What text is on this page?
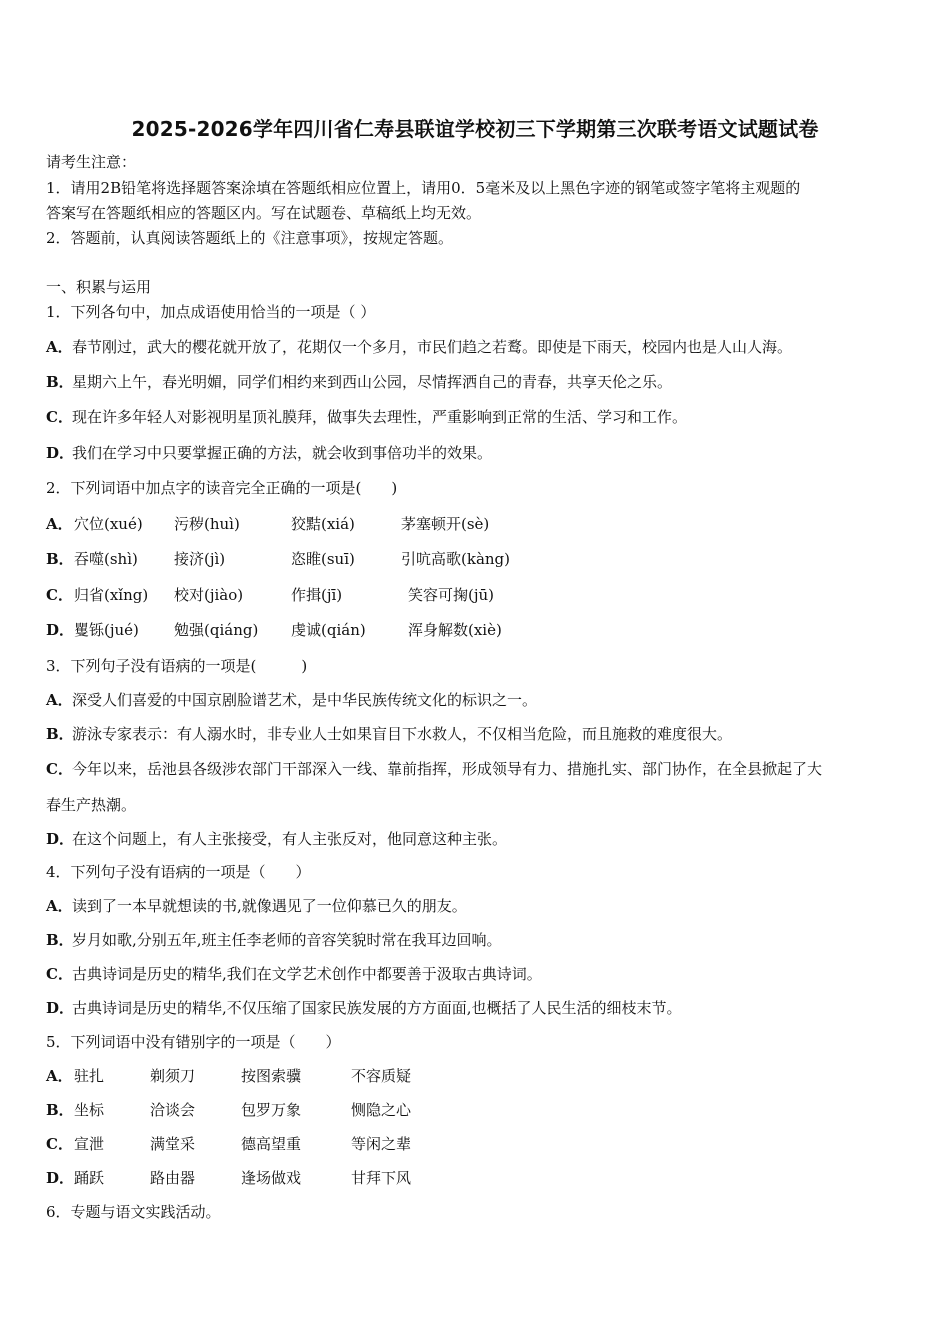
2025-2026学年四川省仁寿县联谊学校初三下学期第三次联考语文试题试卷
请考生注意：
1．请用2B铅笔将选择题答案涂填在答题纸相应位置上，请用0．5毫米及以上黑色字迹的钢笔或签字笔将主观题的
答案写在答题纸相应的答题区内。写在试题卷、草稿纸上均无效。
2．答题前，认真阅读答题纸上的《注意事项》，按规定答题。
一、积累与运用
1．下列各句中，加点成语使用恰当的一项是（ ）
A．春节刚过，武大的樱花就开放了，花期仅一个多月，市民们趋之若鹜。即使是下雨天，校园内也是人山人海。
B．星期六上午，春光明媚，同学们相约来到西山公园，尽情挥洒自己的青春，共享天伦之乐。
C．现在许多年轻人对影视明星顶礼膜拜，做事失去理性，严重影响到正常的生活、学习和工作。
D．我们在学习中只要掌握正确的方法，就会收到事倍功半的效果。
2．下列词语中加点字的读音完全正确的一项是(　　)
A． 穴位(xué) 污秽(huì)	狡黠(xiá)	茅塞顿开(sè)
B． 吞噬(shì) 接济(jì)	恣睢(suī)	引吭高歌(kàng)
C． 归省(xǐng) 校对(jiào)	作揖(jī)	笑容可掬(jū)
D． 矍铄(jué) 勉强(qiáng) 虔诚(qián)	浑身解数(xiè)
3．下列句子没有语病的一项是(　　　)
A．深受人们喜爱的中国京剧脸谱艺术，是中华民族传统文化的标识之一。
B．游泳专家表示：有人溺水时，非专业人士如果盲目下水救人，不仅相当危险，而且施救的难度很大。
C．今年以来，岳池县各级涉农部门干部深入一线、靠前指挥，形成领导有力、措施扎实、部门协作，在全县掀起了大
春生产热潮。
D．在这个问题上，有人主张接受，有人主张反对，他同意这种主张。
4．下列句子没有语病的一项是（　　）
A．读到了一本早就想读的书,就像遇见了一位仰慕已久的朋友。
B．岁月如歌,分别五年,班主任李老师的音容笑貌时常在我耳边回响。
C．古典诗词是历史的精华,我们在文学艺术创作中都要善于汲取古典诗词。
D．古典诗词是历史的精华,不仅压缩了国家民族发展的方方面面,也概括了人民生活的细枝末节。
5．下列词语中没有错别字的一项是（　　）
A． 驻扎	剃须刀	按图索骥	不容质疑
B． 坐标	洽谈会	包罗万象	恻隐之心
C． 宣泄	满堂采	德高望重	等闲之辈
D． 踊跃	路由器	逢场做戏	甘拜下风
6．专题与语文实践活动。
